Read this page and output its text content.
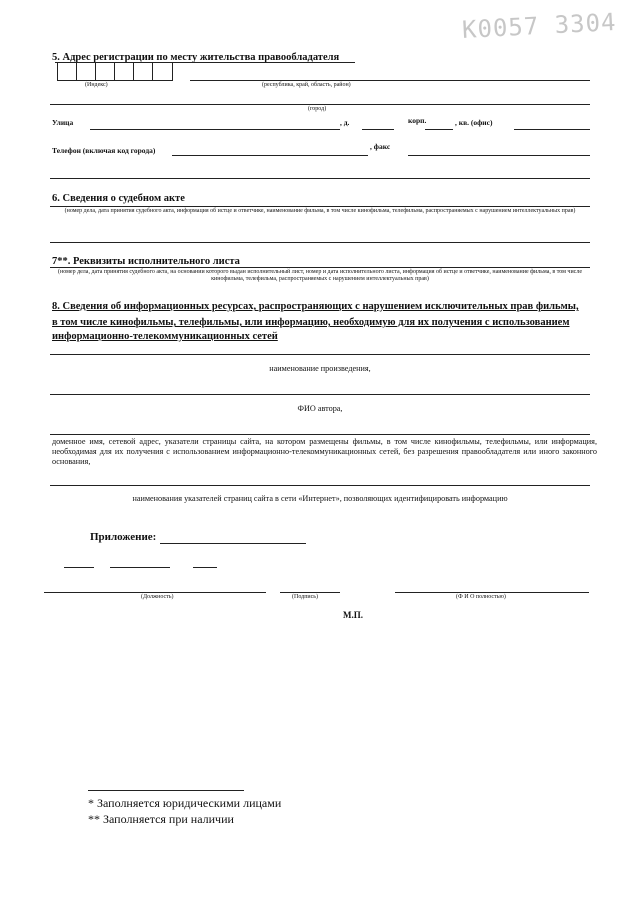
K0057 3304
5. Адрес регистрации по месту жительства правообладателя
(Индекс)	(республика, край, область, район)
(город)
Улица	, д.	корп.	, кв. (офис)
Телефон (включая код города)	, факс
6. Сведения о судебном акте
(номер дела, дата принятия судебного акта, информация об истце и ответчике, наименование фильма, в том числе кинофильма, телефильма, распространяемых с нарушением интеллектуальных прав)
7**. Реквизиты исполнительного листа
(номер дела, дата принятия судебного акта, на основании которого выдан исполнительный лист, номер и дата исполнительного листа, информация об истце и ответчике, наименование фильма, в том числе кинофильма, телефильма, распространяемых с нарушением интеллектуальных прав)
8. Сведения об информационных ресурсах, распространяющих с нарушением исключительных прав фильмы,
в том числе кинофильмы, телефильмы, или информацию, необходимую для их получения с использованием
информационно-телекоммуникационных сетей
наименование произведения,
ФИО автора,
доменное имя, сетевой адрес, указатели страницы сайта, на котором размещены фильмы, в том числе кинофильмы, телефильмы, или информация, необходимая для их получения с использованием информационно-телекоммуникационных сетей, без разрешения правообладателя или иного законного основания,
наименования указателей страниц сайта в сети «Интернет», позволяющих идентифицировать информацию
Приложение:
(Должность)	(Подпись)	(Ф И О полностью)
М.П.
* Заполняется юридическими лицами
** Заполняется при наличии
